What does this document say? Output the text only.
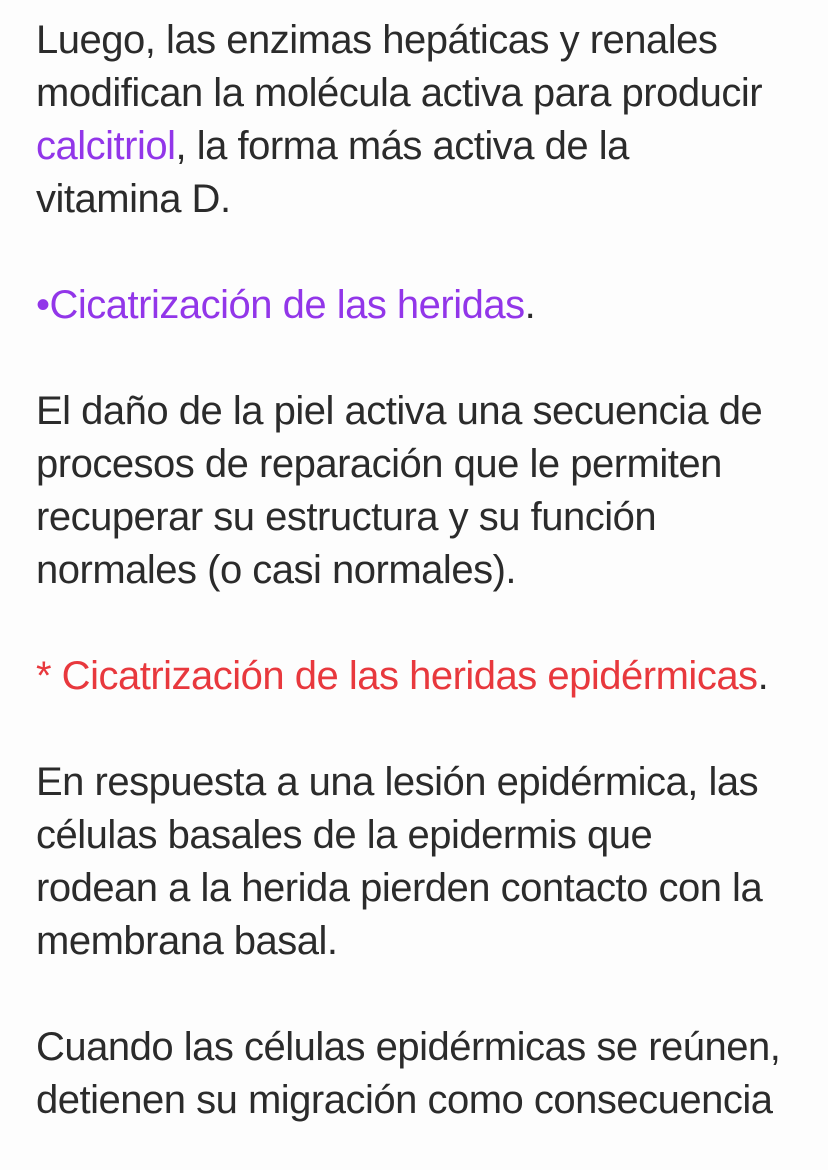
Luego, las enzimas hepáticas y renales
modifican la molécula activa para producir
calcitriol, la forma más activa de la
vitamina D.
•Cicatrización de las heridas.
El daño de la piel activa una secuencia de
procesos de reparación que le permiten
recuperar su estructura y su función
normales (o casi normales).
* Cicatrización de las heridas epidérmicas.
En respuesta a una lesión epidérmica, las
células basales de la epidermis que
rodean a la herida pierden contacto con la
membrana basal.
Cuando las células epidérmicas se reúnen,
detienen su migración como consecuencia
